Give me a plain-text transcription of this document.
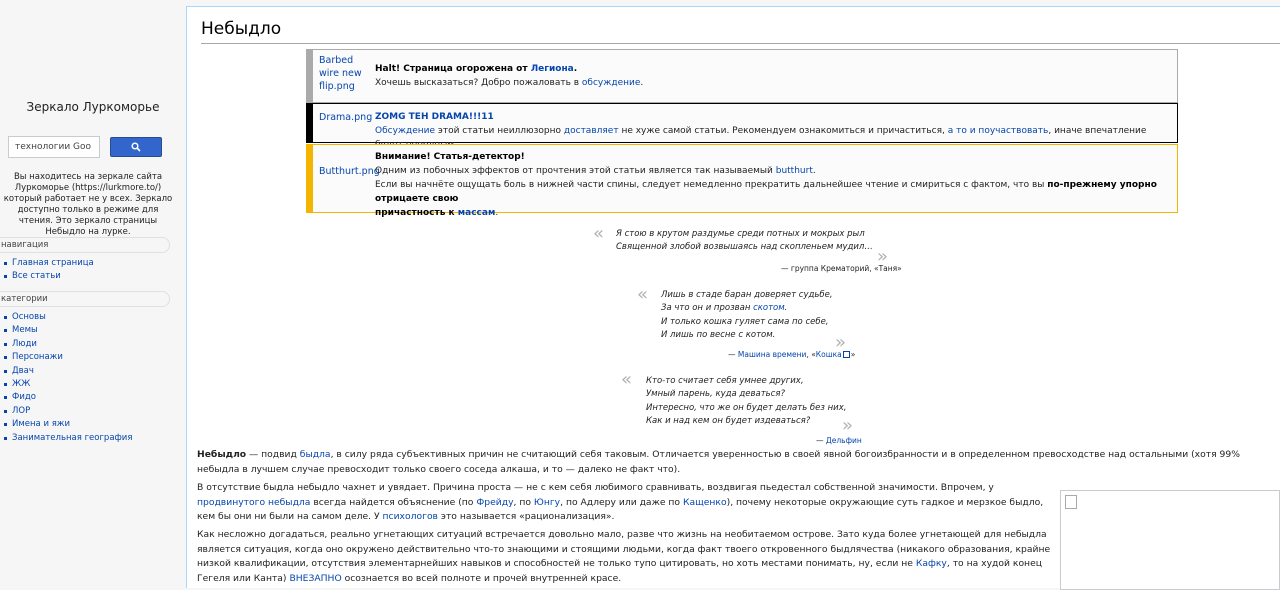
Зеркало Луркоморье
технологии Goo
Вы находитесь на зеркале сайта Луркоморье (https://lurkmore.to/) который работает не у всех. Зеркало доступно только в режиме для чтения. Это зеркало страницы Небыдло на лурке.
навигация
Главная страница
Все статьи
категории
Основы
Мемы
Люди
Персонажи
Двач
ЖЖ
Фидо
ЛОР
Имена и яжи
Занимательная география
Небыдло
Barbed
wire new
flip.png
Halt! Страница огорожена от Легиона.
Хочешь высказаться? Добро пожаловать в обсуждение.
Drama.png ZOMG TEH DRAMA!!!11
Обсуждение этой статьи неиллюзорно доставляет не хуже самой статьи. Рекомендуем ознакомиться и причаститься, а то и поучаствовать, иначе впечатление
Butthurt.png
Внимание! Статья-детектор!
Одним из побочных эффектов от прочтения этой статьи является так называемый butthurt.
Если вы начнёте ощущать боль в нижней части спины, следует немедленно прекратить дальнейшее чтение и смириться с фактом, что вы по-прежнему упорно отрицаете свою
причастность к массам.
« Я стою в крутом раздумье среди потных и мокрых рыл
Священной злобой возвышаясь над скопленьем мудил… »
— группа Крематорий, «Таня»
« Лишь в стаде баран доверяет судьбе,
За что он и прозван скотом.
И только кошка гуляет сама по себе,
И лишь по весне с котом.	»
— Машина времени, «Кошка »
« Кто-то считает себя умнее других,
Умный парень, куда деваться?
Интересно, что же он будет делать без них,
Как и над кем он будет издеваться?	»
— Дельфин
Небыдло — подвид быдла, в силу ряда субъективных причин не считающий себя таковым. Отличается уверенностью в своей явной богоизбранности и в определенном превосходстве над остальными (хотя 99% небыдла в лучшем случае превосходит только своего соседа алкаша, и то — далеко не факт что).
В отсутствие быдла небыдло чахнет и увядает. Причина проста — не с кем себя любимого сравнивать, воздвигая пьедестал собственной значимости. Впрочем, у продвинутого небыдла всегда найдется объяснение (по Фрейду, по Юнгу, по Адлеру или даже по Кащенко), почему некоторые окружающие суть гадкое и мерзкое быдло, кем бы они ни были на самом деле. У психологов это называется «рационализация».
Как несложно догадаться, реально угнетающих ситуаций встречается довольно мало, разве что жизнь на необитаемом острове. Зато куда более угнетающей для небыдла является ситуация, когда оно окружено действительно что-то знающими и стоящими людьми, когда факт твоего откровенного быдлячества (никакого образования, крайне низкой квалификации, отсутствия элементарнейших навыков и способностей не только тупо цитировать, но хоть местами понимать, ну, если не Кафку, то на худой конец Гегеля или Канта) ВНЕЗАПНО осознается во всей полноте и прочей внутренней красе.
